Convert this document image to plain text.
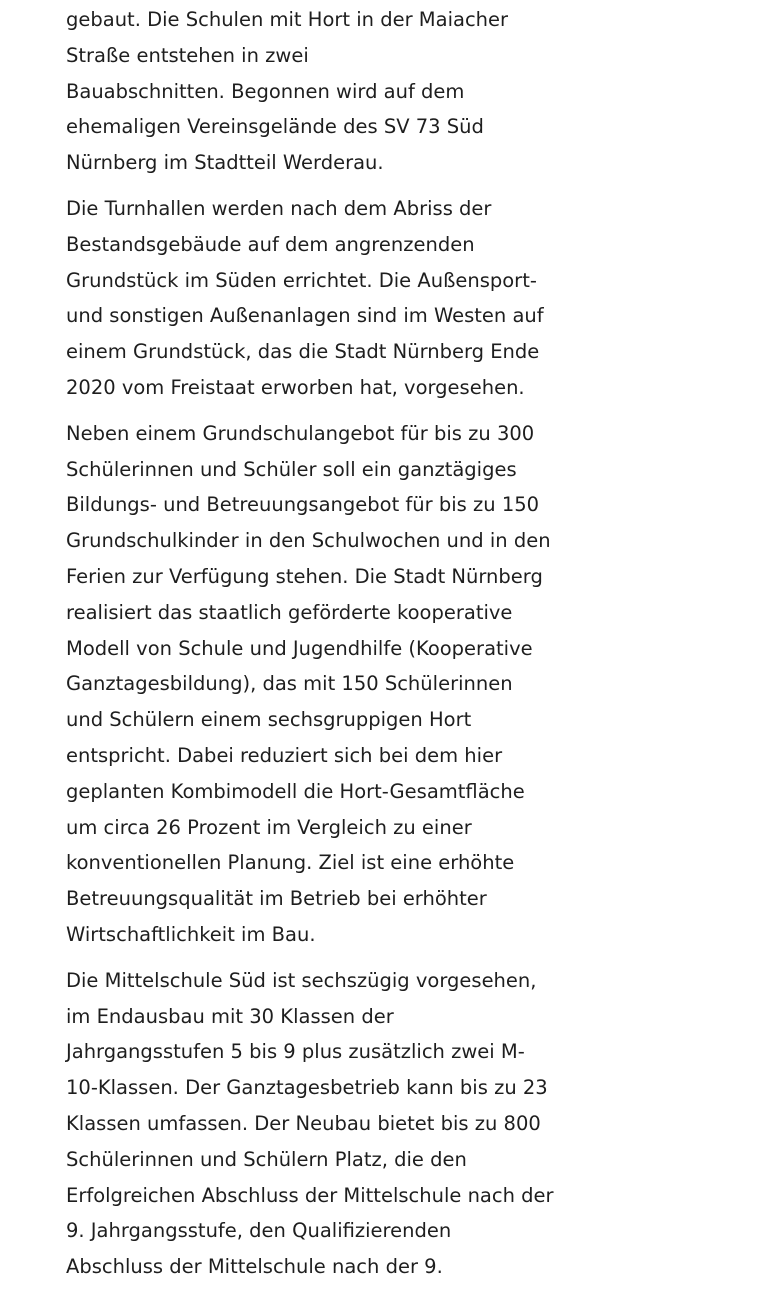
gebaut. Die Schulen mit Hort in der Maiacher
Straße entstehen in zwei
Bauabschnitten. Begonnen wird auf dem
ehemaligen Vereinsgelände des SV 73 Süd
Nürnberg im Stadtteil Werderau.

Die Turnhallen werden nach dem Abriss der
Bestandsgebäude auf dem angrenzenden
Grundstück im Süden errichtet. Die Außensport-
und sonstigen Außenanlagen sind im Westen auf
einem Grundstück, das die Stadt Nürnberg Ende
2020 vom Freistaat erworben hat, vorgesehen.

Neben einem Grundschulangebot für bis zu 300
Schülerinnen und Schüler soll ein ganztägiges
Bildungs- und Betreuungsangebot für bis zu 150
Grundschulkinder in den Schulwochen und in den
Ferien zur Verfügung stehen. Die Stadt Nürnberg
realisiert das staatlich geförderte kooperative
Modell von Schule und Jugendhilfe (Kooperative
Ganztagesbildung), das mit 150 Schülerinnen
und Schülern einem sechsgruppigen Hort
entspricht. Dabei reduziert sich bei dem hier
geplanten Kombimodell die Hort-Gesamtfläche
um circa 26 Prozent im Vergleich zu einer
konventionellen Planung. Ziel ist eine erhöhte
Betreuungsqualität im Betrieb bei erhöhter
Wirtschaftlichkeit im Bau.

Die Mittelschule Süd ist sechszügig vorgesehen,
im Endausbau mit 30 Klassen der
Jahrgangsstufen 5 bis 9 plus zusätzlich zwei M-
10-Klassen. Der Ganztagesbetrieb kann bis zu 23
Klassen umfassen. Der Neubau bietet bis zu 800
Schülerinnen und Schülern Platz, die den
Erfolgreichen Abschluss der Mittelschule nach der
9. Jahrgangsstufe, den Qualifizierenden
Abschluss der Mittelschule nach der 9.
